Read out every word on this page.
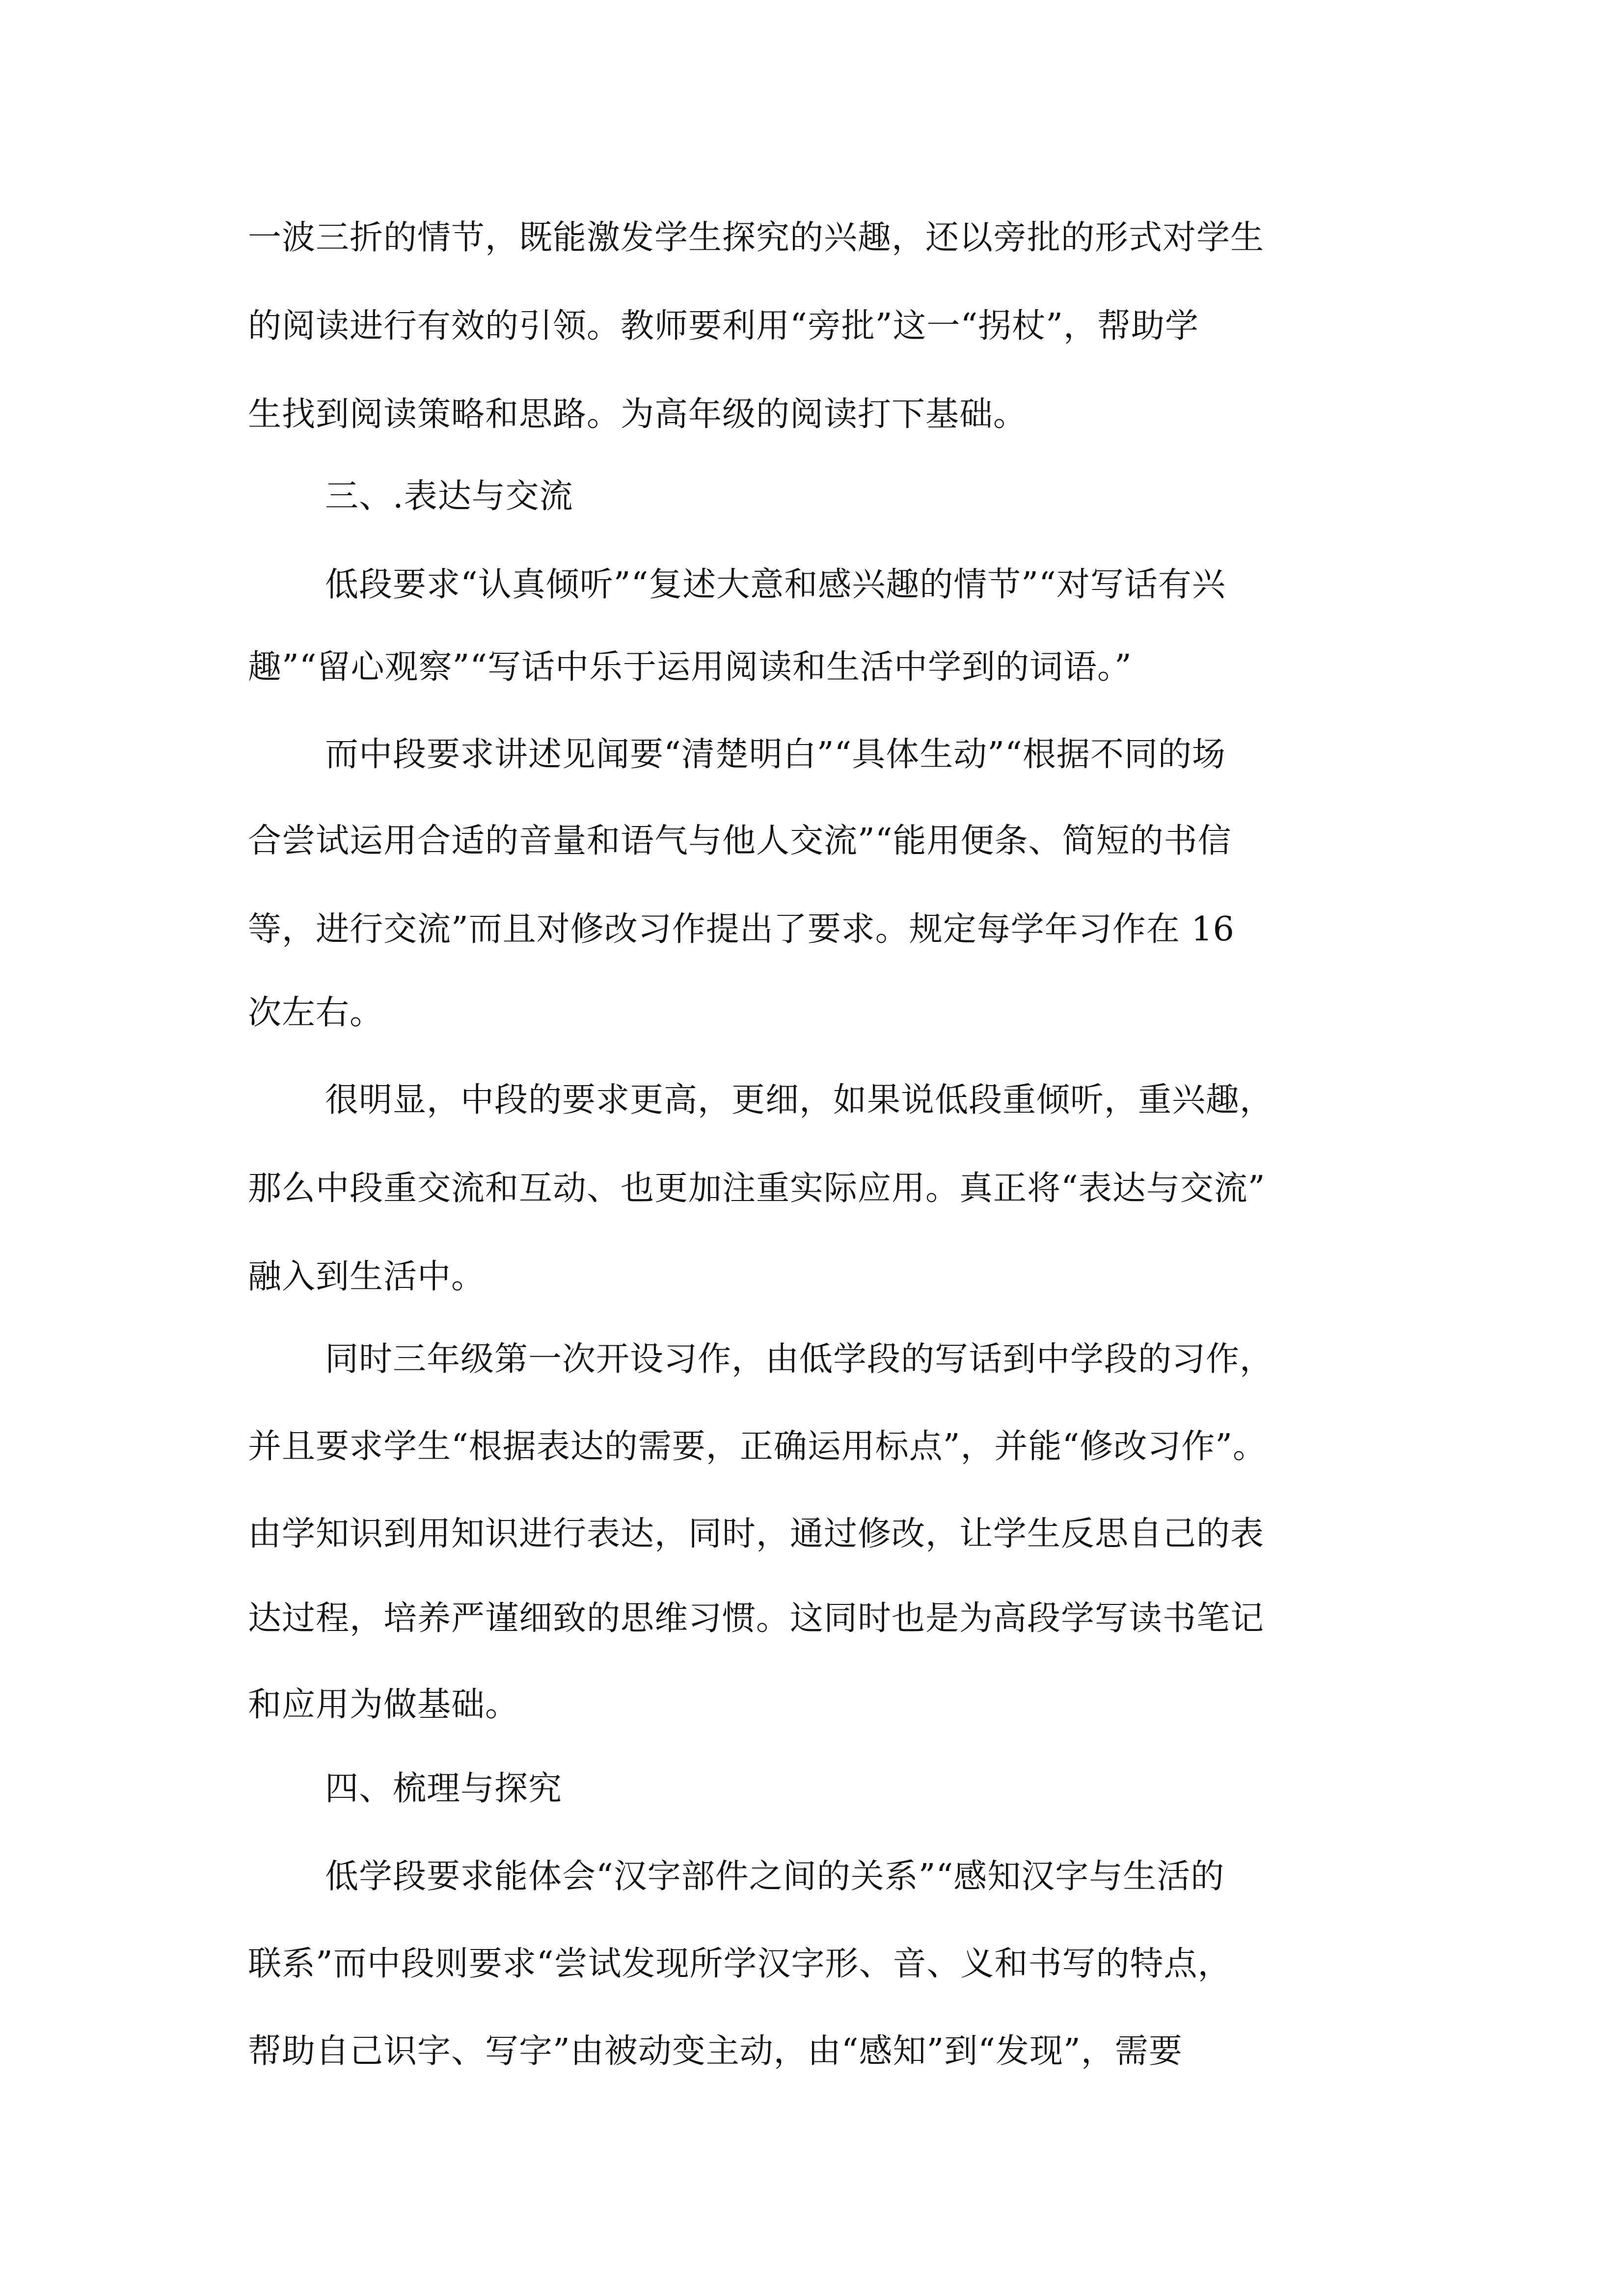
一波三折的情节，既能激发学生探究的兴趣，还以旁批的形式对学生
的阅读进行有效的引领。教师要利用“旁批”这一“拐杖”，帮助学
生找到阅读策略和思路。为高年级的阅读打下基础。
三、.表达与交流
低段要求“认真倾听”“复述大意和感兴趣的情节”“对写话有兴
趣”“留心观察”“写话中乐于运用阅读和生活中学到的词语。”
而中段要求讲述见闻要“清楚明白”“具体生动”“根据不同的场
合尝试运用合适的音量和语气与他人交流”“能用便条、简短的书信
等，进行交流”而且对修改习作提出了要求。规定每学年习作在 16
次左右。
很明显，中段的要求更高，更细，如果说低段重倾听，重兴趣，
那么中段重交流和互动、也更加注重实际应用。真正将“表达与交流”
融入到生活中。
同时三年级第一次开设习作，由低学段的写话到中学段的习作，
并且要求学生“根据表达的需要，正确运用标点”，并能“修改习作”。
由学知识到用知识进行表达，同时，通过修改，让学生反思自己的表
达过程，培养严谨细致的思维习惯。这同时也是为高段学写读书笔记
和应用为做基础。
四、梳理与探究
低学段要求能体会“汉字部件之间的关系”“感知汉字与生活的
联系”而中段则要求“尝试发现所学汉字形、音、义和书写的特点，
帮助自己识字、写字”由被动变主动，由“感知”到“发现”，需要
